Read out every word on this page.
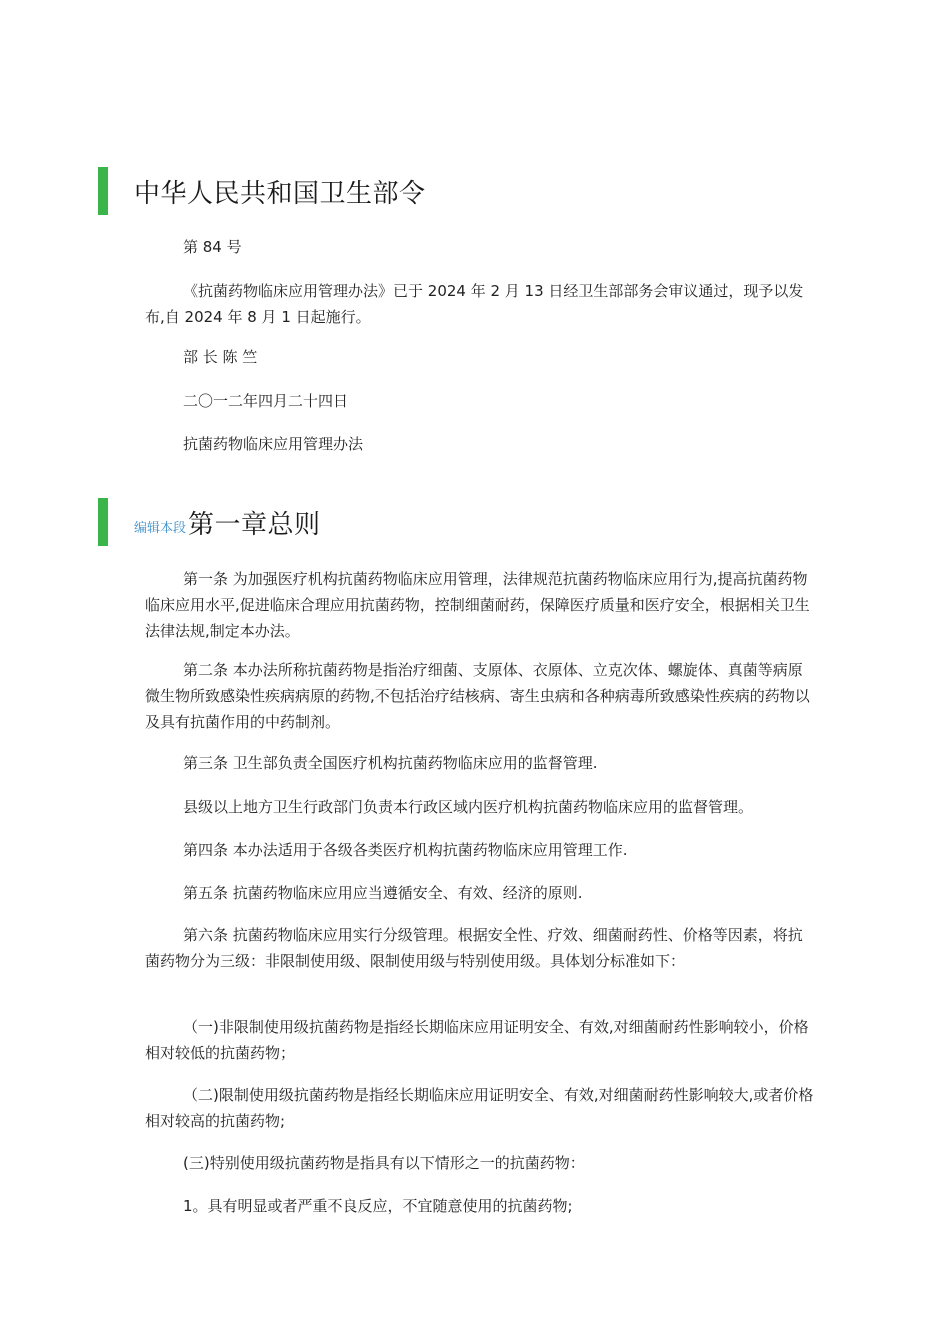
中华人民共和国卫生部令
第 84 号
《抗菌药物临床应用管理办法》已于 2024 年 2 月 13 日经卫生部部务会审议通过，现予以发布,自 2024 年 8 月 1 日起施行。
部 长 陈 竺
二〇一二年四月二十四日
抗菌药物临床应用管理办法
编辑本段 第一章总则
第一条 为加强医疗机构抗菌药物临床应用管理，法律规范抗菌药物临床应用行为,提高抗菌药物临床应用水平,促进临床合理应用抗菌药物，控制细菌耐药，保障医疗质量和医疗安全，根据相关卫生法律法规,制定本办法。
第二条 本办法所称抗菌药物是指治疗细菌、支原体、衣原体、立克次体、螺旋体、真菌等病原微生物所致感染性疾病病原的药物,不包括治疗结核病、寄生虫病和各种病毒所致感染性疾病的药物以及具有抗菌作用的中药制剂。
第三条 卫生部负责全国医疗机构抗菌药物临床应用的监督管理.
县级以上地方卫生行政部门负责本行政区域内医疗机构抗菌药物临床应用的监督管理。
第四条 本办法适用于各级各类医疗机构抗菌药物临床应用管理工作.
第五条 抗菌药物临床应用应当遵循安全、有效、经济的原则.
第六条 抗菌药物临床应用实行分级管理。根据安全性、疗效、细菌耐药性、价格等因素，将抗菌药物分为三级：非限制使用级、限制使用级与特别使用级。具体划分标准如下：
（一)非限制使用级抗菌药物是指经长期临床应用证明安全、有效,对细菌耐药性影响较小，价格相对较低的抗菌药物；
（二)限制使用级抗菌药物是指经长期临床应用证明安全、有效,对细菌耐药性影响较大,或者价格相对较高的抗菌药物;
(三)特别使用级抗菌药物是指具有以下情形之一的抗菌药物：
1。具有明显或者严重不良反应，不宜随意使用的抗菌药物;
